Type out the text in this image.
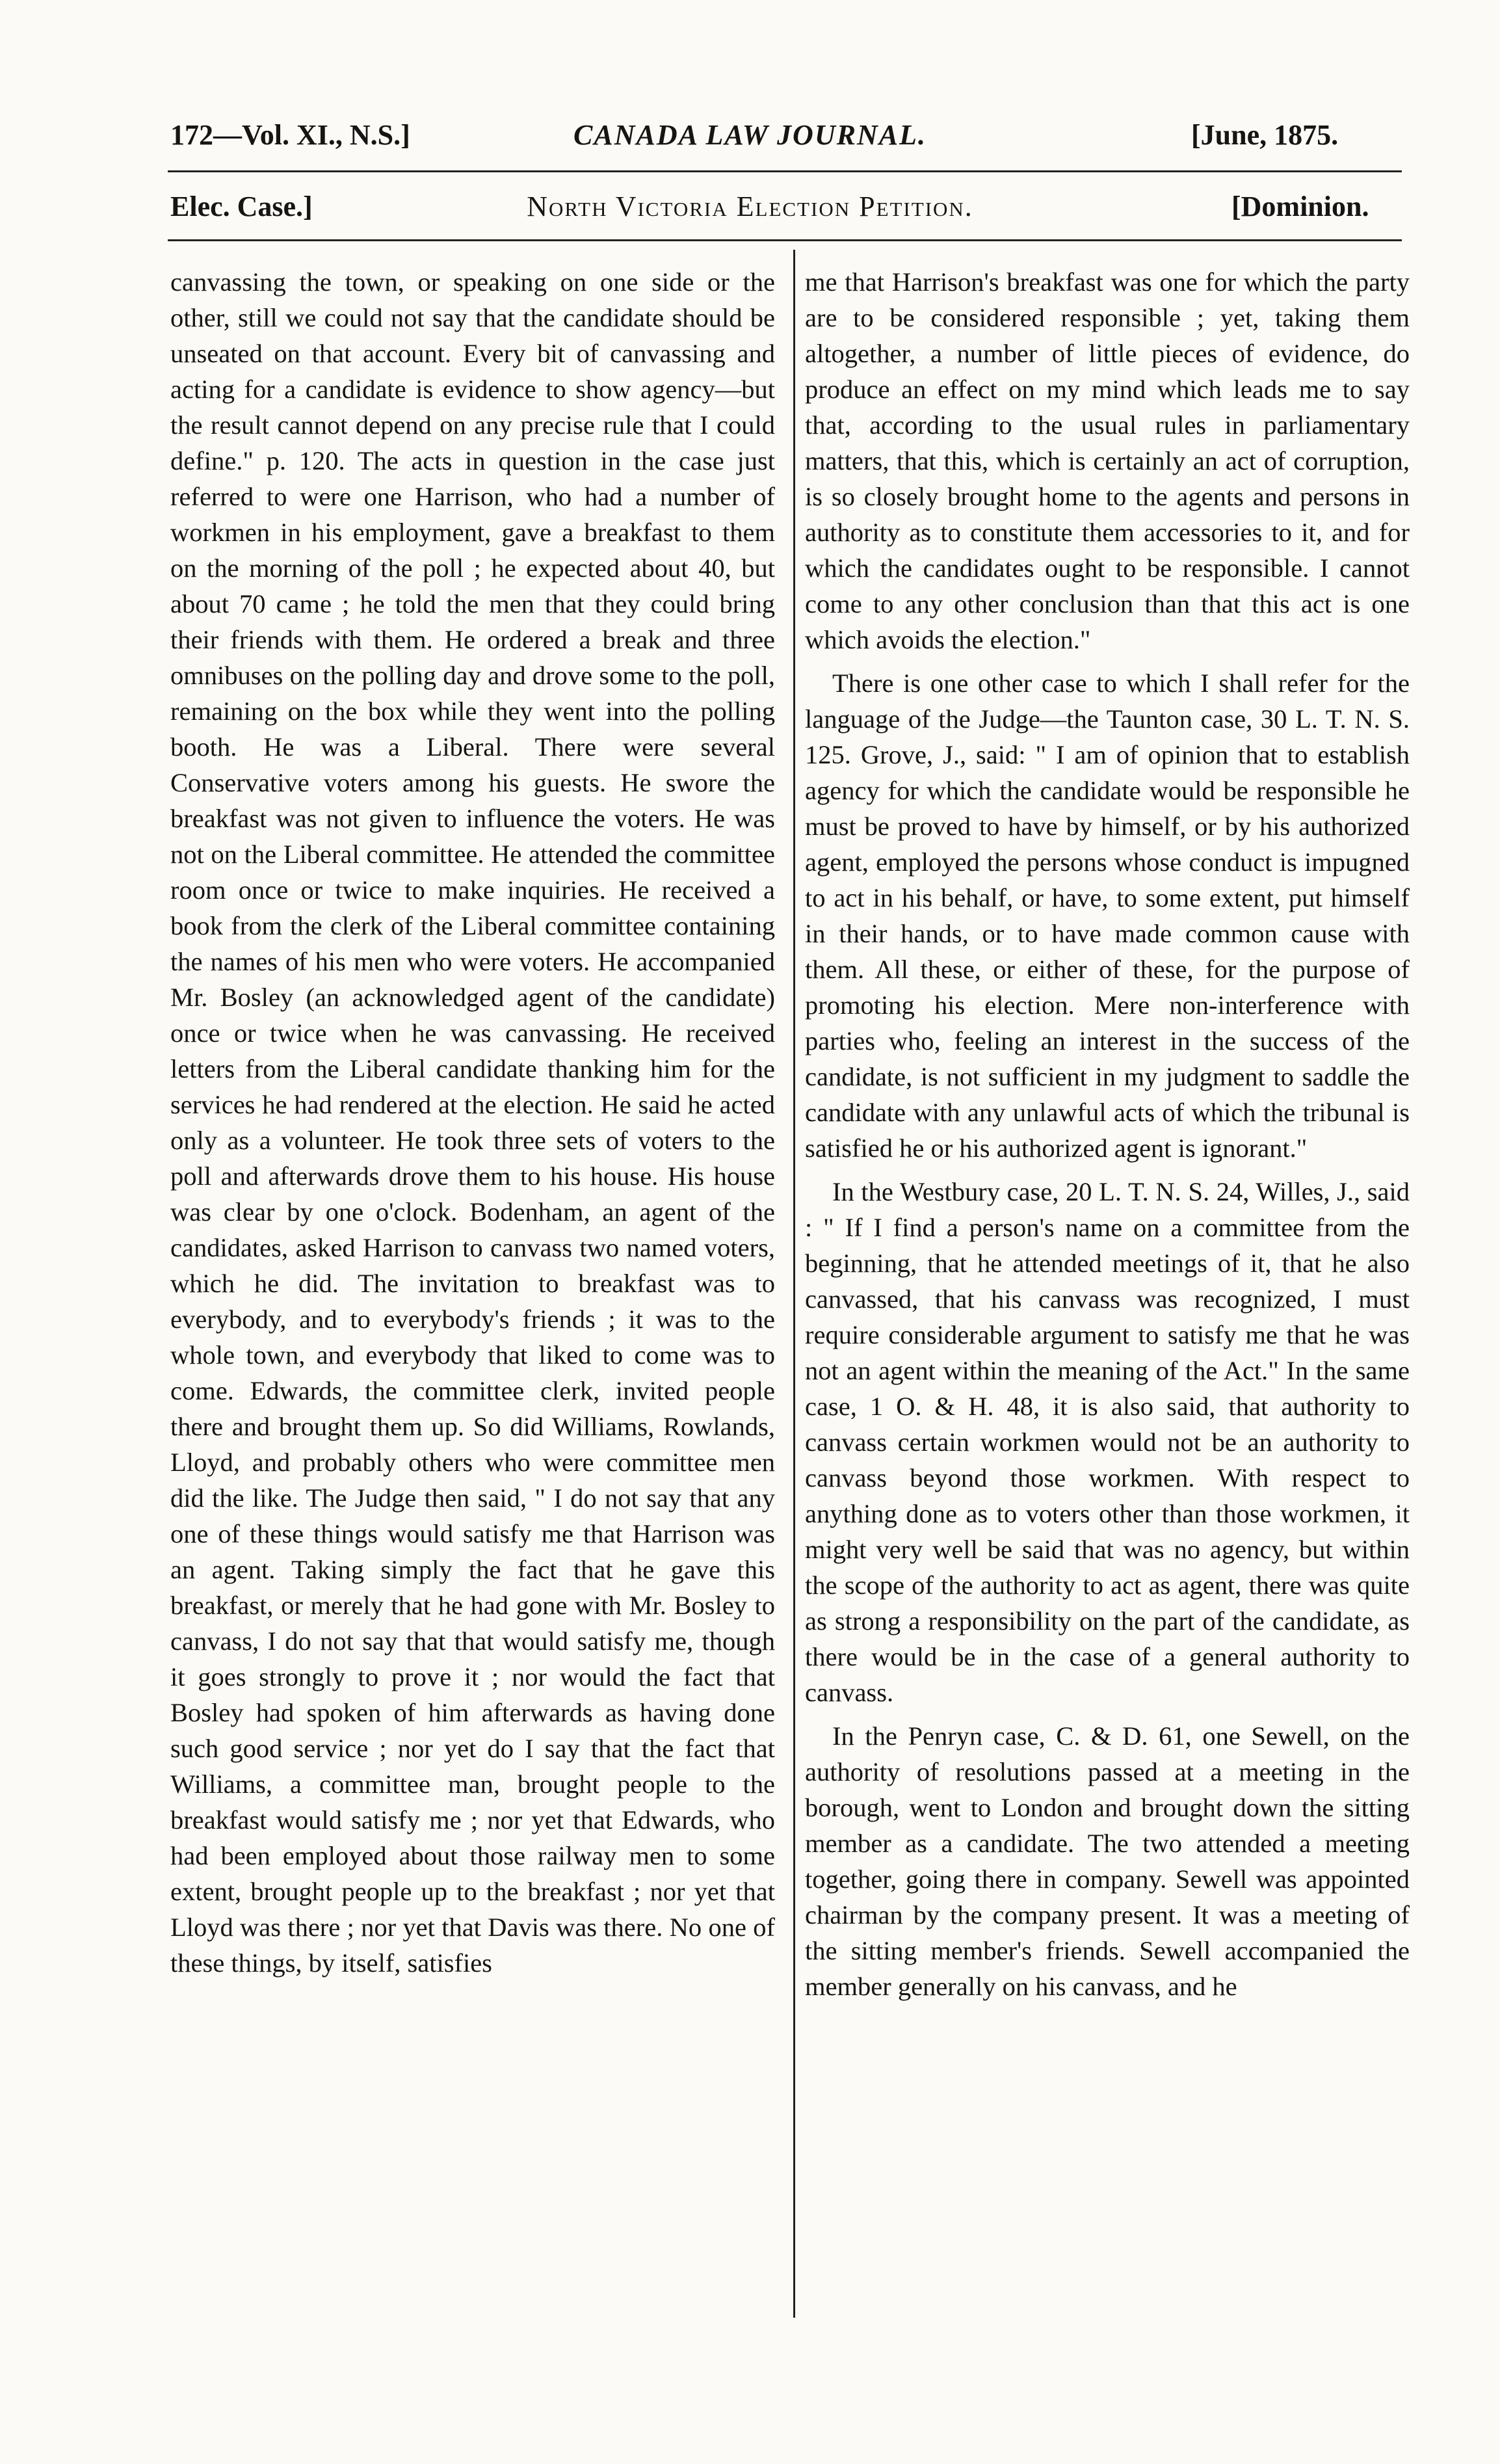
172—Vol. XI., N.S.]	CANADA LAW JOURNAL.	[June, 1875.
Elec. Case.]	North Victoria Election Petition.	[Dominion.

canvassing the town, or speaking on one side or the other, still we could not say that the candidate should be unseated on that account. Every bit of canvassing and acting for a candidate is evidence to show agency—but the result cannot depend on any precise rule that I could define." p. 120. The acts in question in the case just referred to were one Harrison, who had a number of workmen in his employment, gave a breakfast to them on the morning of the poll ; he expected about 40, but about 70 came ; he told the men that they could bring their friends with them. He ordered a break and three omnibuses on the polling day and drove some to the poll, remaining on the box while they went into the polling booth. He was a Liberal. There were several Conservative voters among his guests. He swore the breakfast was not given to influence the voters. He was not on the Liberal committee. He attended the committee room once or twice to make inquiries. He received a book from the clerk of the Liberal committee containing the names of his men who were voters. He accompanied Mr. Bosley (an acknowledged agent of the candidate) once or twice when he was canvassing. He received letters from the Liberal candidate thanking him for the services he had rendered at the election. He said he acted only as a volunteer. He took three sets of voters to the poll and afterwards drove them to his house. His house was clear by one o'clock. Bodenham, an agent of the candidates, asked Harrison to canvass two named voters, which he did. The invitation to breakfast was to everybody, and to everybody's friends ; it was to the whole town, and everybody that liked to come was to come. Edwards, the committee clerk, invited people there and brought them up. So did Williams, Rowlands, Lloyd, and probably others who were committee men did the like. The Judge then said, " I do not say that any one of these things would satisfy me that Harrison was an agent. Taking simply the fact that he gave this breakfast, or merely that he had gone with Mr. Bosley to canvass, I do not say that that would satisfy me, though it goes strongly to prove it ; nor would the fact that Bosley had spoken of him afterwards as having done such good service ; nor yet do I say that the fact that Williams, a committee man, brought people to the breakfast would satisfy me ; nor yet that Edwards, who had been employed about those railway men to some extent, brought people up to the breakfast ; nor yet that Lloyd was there ; nor yet that Davis was there. No one of these things, by itself, satisfies

me that Harrison's breakfast was one for which the party are to be considered responsible ; yet, taking them altogether, a number of little pieces of evidence, do produce an effect on my mind which leads me to say that, according to the usual rules in parliamentary matters, that this, which is certainly an act of corruption, is so closely brought home to the agents and persons in authority as to constitute them accessories to it, and for which the candidates ought to be responsible. I cannot come to any other conclusion than that this act is one which avoids the election."

There is one other case to which I shall refer for the language of the Judge—the Taunton case, 30 L. T. N. S. 125. Grove, J., said: " I am of opinion that to establish agency for which the candidate would be responsible he must be proved to have by himself, or by his authorized agent, employed the persons whose conduct is impugned to act in his behalf, or have, to some extent, put himself in their hands, or to have made common cause with them. All these, or either of these, for the purpose of promoting his election. Mere non-interference with parties who, feeling an interest in the success of the candidate, is not sufficient in my judgment to saddle the candidate with any unlawful acts of which the tribunal is satisfied he or his authorized agent is ignorant."

In the Westbury case, 20 L. T. N. S. 24, Willes, J., said : " If I find a person's name on a committee from the beginning, that he attended meetings of it, that he also canvassed, that his canvass was recognized, I must require considerable argument to satisfy me that he was not an agent within the meaning of the Act." In the same case, 1 O. & H. 48, it is also said, that authority to canvass certain workmen would not be an authority to canvass beyond those workmen. With respect to anything done as to voters other than those workmen, it might very well be said that was no agency, but within the scope of the authority to act as agent, there was quite as strong a responsibility on the part of the candidate, as there would be in the case of a general authority to canvass.

In the Penryn case, C. & D. 61, one Sewell, on the authority of resolutions passed at a meeting in the borough, went to London and brought down the sitting member as a candidate. The two attended a meeting together, going there in company. Sewell was appointed chairman by the company present. It was a meeting of the sitting member's friends. Sewell accompanied the member generally on his canvass, and he
